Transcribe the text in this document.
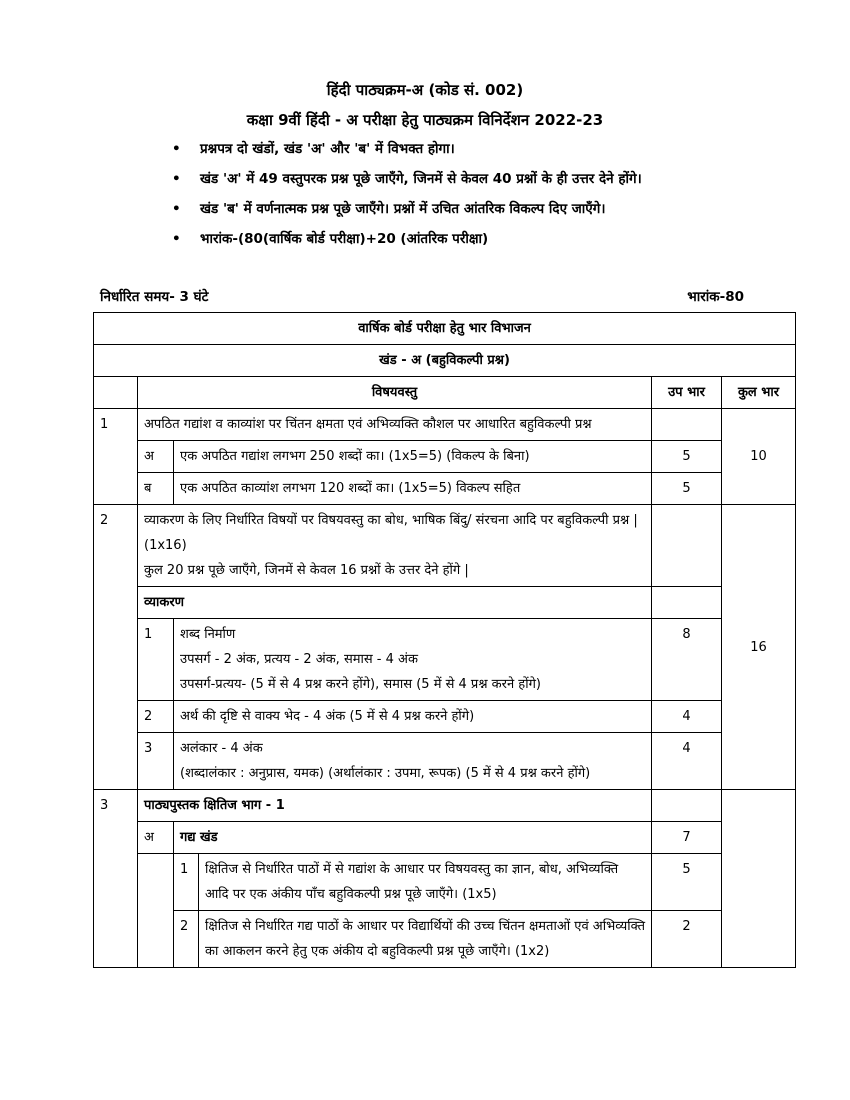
हिंदी पाठ्यक्रम-अ (कोड सं. 002)
कक्षा 9वीं हिंदी - अ परीक्षा हेतु पाठ्यक्रम विनिर्देशन 2022-23
• प्रश्नपत्र दो खंडों, खंड 'अ' और 'ब' में विभक्त होगा।
• खंड 'अ' में 49 वस्तुपरक प्रश्न पूछे जाएँगे, जिनमें से केवल 40 प्रश्नों के ही उत्तर देने होंगे।
• खंड 'ब' में वर्णनात्मक प्रश्न पूछे जाएँगे। प्रश्नों में उचित आंतरिक विकल्प दिए जाएँगे।
• भारांक-(80(वार्षिक बोर्ड परीक्षा)+20 (आंतरिक परीक्षा)
निर्धारित समय- 3 घंटे	भारांक-80
वार्षिक बोर्ड परीक्षा हेतु भार विभाजन					
खंड - अ (बहुविकल्पी प्रश्न)					
	विषयवस्तु			उप भार	कुल भार
1	अपठित गद्यांश व काव्यांश पर चिंतन क्षमता एवं अभिव्यक्ति कौशल पर आधारित बहुविकल्पी प्रश्न				10
	अ	एक अपठित गद्यांश लगभग 250 शब्दों का। (1x5=5) (विकल्प के बिना)		5	
	ब	एक अपठित काव्यांश लगभग 120 शब्दों का। (1x5=5) विकल्प सहित		5	
2	व्याकरण के लिए निर्धारित विषयों पर विषयवस्तु का बोध, भाषिक बिंदु/ संरचना आदि पर बहुविकल्पी प्रश्न | (1x16)
कुल 20 प्रश्न पूछे जाएँगे, जिनमें से केवल 16 प्रश्नों के उत्तर देने होंगे |				16
	व्याकरण				
	1	शब्द निर्माण
उपसर्ग - 2 अंक, प्रत्यय - 2 अंक, समास - 4 अंक
उपसर्ग-प्रत्यय- (5 में से 4 प्रश्न करने होंगे), समास (5 में से 4 प्रश्न करने होंगे)		8	
	2	अर्थ की दृष्टि से वाक्य भेद - 4 अंक (5 में से 4 प्रश्न करने होंगे)		4	
	3	अलंकार - 4 अंक
(शब्दालंकार : अनुप्रास, यमक) (अर्थालंकार : उपमा, रूपक) (5 में से 4 प्रश्न करने होंगे)		4	
3	पाठ्यपुस्तक क्षितिज भाग - 1				
	अ	गद्य खंड		7	
		1	क्षितिज से निर्धारित पाठों में से गद्यांश के आधार पर विषयवस्तु का ज्ञान, बोध, अभिव्यक्ति आदि पर एक अंकीय पाँच बहुविकल्पी प्रश्न पूछे जाएँगे। (1x5)	5	
		2	क्षितिज से निर्धारित गद्य पाठों के आधार पर विद्यार्थियों की उच्च चिंतन क्षमताओं एवं अभिव्यक्ति का आकलन करने हेतु एक अंकीय दो बहुविकल्पी प्रश्न पूछे जाएँगे। (1x2)	2	
